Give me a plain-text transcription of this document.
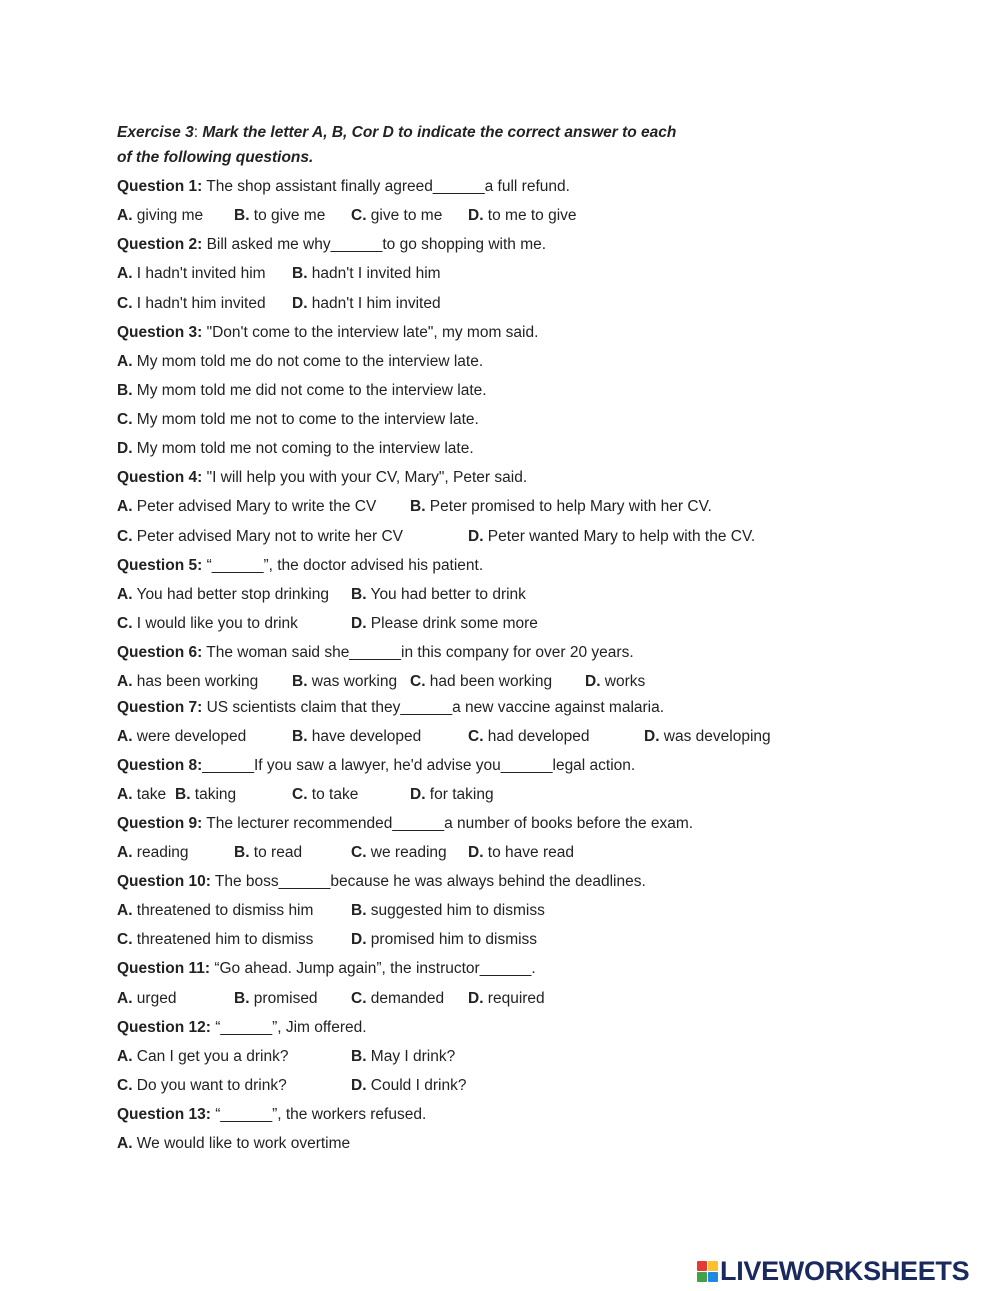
Exercise 3: Mark the letter A, B, Cor D to indicate the correct answer to each
of the following questions.
Question 1: The shop assistant finally agreed______a full refund.
A. giving me B. to give me C. give to me D. to me to give
Question 2: Bill asked me why______to go shopping with me.
A. I hadn't invited him B. hadn't I invited him
C. I hadn't him invited D. hadn't I him invited
Question 3: "Don't come to the interview late", my mom said.
A. My mom told me do not come to the interview late.
B. My mom told me did not come to the interview late.
C. My mom told me not to come to the interview late.
D. My mom told me not coming to the interview late.
Question 4: "I will help you with your CV, Mary", Peter said.
A. Peter advised Mary to write the CV B. Peter promised to help Mary with her CV.
C. Peter advised Mary not to write her CV	D. Peter wanted Mary to help with the CV.
Question 5: “______”, the doctor advised his patient.
A. You had better stop drinking B. You had better to drink
C. I would like you to drink	D. Please drink some more
Question 6: The woman said she______in this company for over 20 years.
A. has been working B. was working C. had been working D. works
Question 7: US scientists claim that they______a new vaccine against malaria.
A. were developed	B. have developed	C. had developed	D. was developing
Question 8:______If you saw a lawyer, he'd advise you______legal action.
A. take B. taking	C. to take	D. for taking
Question 9: The lecturer recommended______a number of books before the exam.
A. reading	B. to read	C. we reading D. to have read
Question 10: The boss______because he was always behind the deadlines.
A. threatened to dismiss him B. suggested him to dismiss
C. threatened him to dismiss D. promised him to dismiss
Question 11: “Go ahead. Jump again”, the instructor______.
A. urged	B. promised C. demanded D. required
Question 12: “______”, Jim offered.
A. Can I get you a drink?	B. May I drink?
C. Do you want to drink?	D. Could I drink?
Question 13: “______”, the workers refused.
A. We would like to work overtime
LIVEWORKSHEETS
